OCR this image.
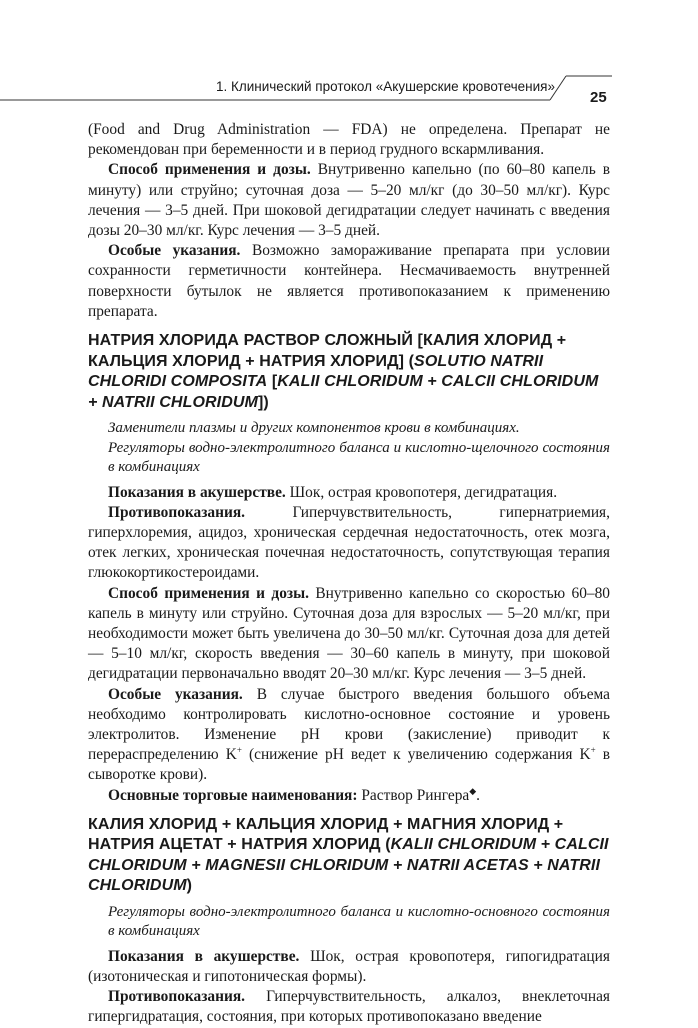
1. Клинический протокол «Акушерские кровотечения»
25

(Food and Drug Administration — FDA) не определена. Препарат не рекомендован при беременности и в период грудного вскармливания.

Способ применения и дозы. Внутривенно капельно (по 60–80 капель в минуту) или струйно; суточная доза — 5–20 мл/кг (до 30–50 мл/кг). Курс лечения — 3–5 дней. При шоковой дегидратации следует начинать с введения дозы 20–30 мл/кг. Курс лечения — 3–5 дней.

Особые указания. Возможно замораживание препарата при условии сохранности герметичности контейнера. Несмачиваемость внутренней поверхности бутылок не является противопоказанием к применению препарата.

НАТРИЯ ХЛОРИДА РАСТВОР СЛОЖНЫЙ [КАЛИЯ ХЛОРИД + КАЛЬЦИЯ ХЛОРИД + НАТРИЯ ХЛОРИД] (SOLUTIO NATRII CHLORIDI COMPOSITA [KALII CHLORIDUM + CALCII CHLORIDUM + NATRII CHLORIDUM])

Заменители плазмы и других компонентов крови в комбинациях.

Регуляторы водно-электролитного баланса и кислотно-щелочного состояния в комбинациях

Показания в акушерстве. Шок, острая кровопотеря, дегидратация.

Противопоказания.	Гиперчувствительность, гипернатриемия, гиперхлоремия, ацидоз, хроническая сердечная недостаточность, отек мозга, отек легких, хроническая почечная недостаточность, сопутствующая терапия глюкокортикостероидами.

Способ применения и дозы. Внутривенно капельно со скоростью 60–80 капель в минуту или струйно. Суточная доза для взрослых — 5–20 мл/кг, при необходимости может быть увеличена до 30–50 мл/кг. Суточная доза для детей — 5–10 мл/кг, скорость введения — 30–60 капель в минуту, при шоковой дегидратации первоначально вводят 20–30 мл/кг. Курс лечения — 3–5 дней.

Особые указания. В случае быстрого введения большого объема необходимо контролировать кислотно-основное состояние и уровень электролитов. Изменение pH крови (закисление) приводит к перераспределению K+ (снижение pH ведет к увеличению содержания K+ в сыворотке крови).

Основные торговые наименования: Раствор Рингера◆.

КАЛИЯ ХЛОРИД + КАЛЬЦИЯ ХЛОРИД + МАГНИЯ ХЛОРИД + НАТРИЯ АЦЕТАТ + НАТРИЯ ХЛОРИД (KALII CHLORIDUM + CALCII CHLORIDUM + MAGNESII CHLORIDUM + NATRII ACETAS + NATRII CHLORIDUM)

Регуляторы водно-электролитного баланса и кислотно-основного состояния в комбинациях

Показания в акушерстве. Шок, острая кровопотеря, гипогидратация (изотоническая и гипотоническая формы).

Противопоказания. Гиперчувствительность, алкалоз, внеклеточная гипергидратация, состояния, при которых противопоказано введение
